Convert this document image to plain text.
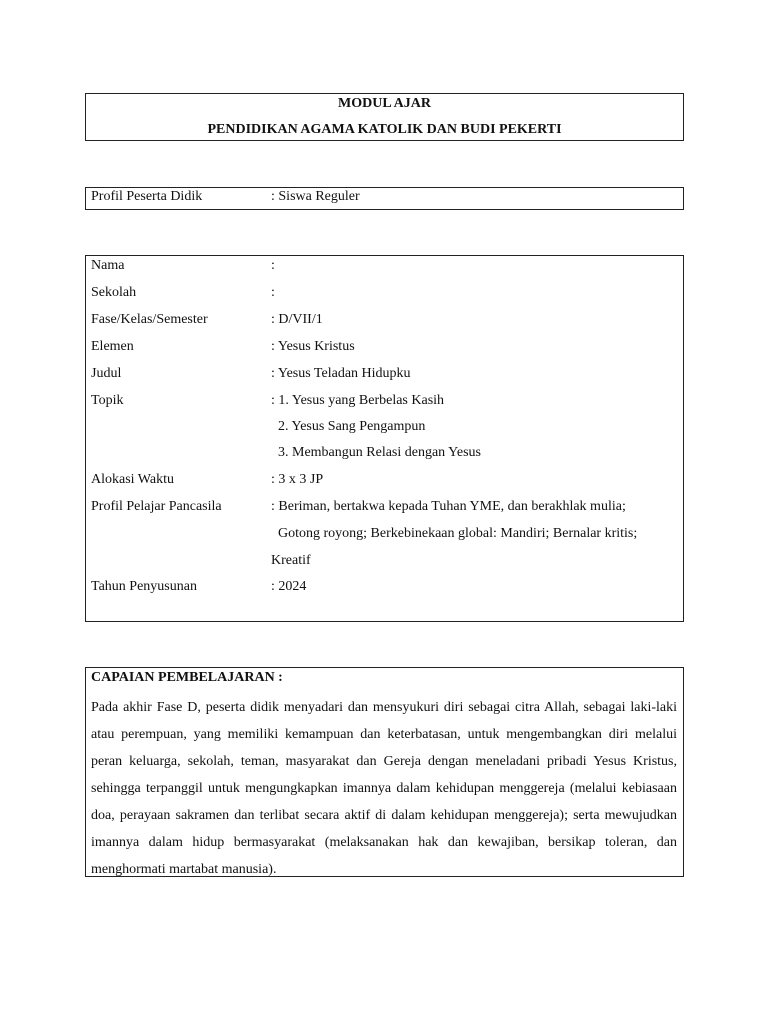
MODUL AJAR
PENDIDIKAN AGAMA KATOLIK DAN BUDI PEKERTI
Profil Peserta Didik	: Siswa Reguler
Nama	:
Sekolah	:
Fase/Kelas/Semester	: D/VII/1
Elemen	: Yesus Kristus
Judul	: Yesus Teladan Hidupku
Topik	: 1. Yesus yang Berbelas Kasih
2. Yesus Sang Pengampun
3. Membangun Relasi dengan Yesus
Alokasi Waktu	: 3 x 3 JP
Profil Pelajar Pancasila	: Beriman, bertakwa kepada Tuhan YME, dan berakhlak mulia;
Gotong royong; Berkebinekaan global: Mandiri; Bernalar kritis;
Kreatif
Tahun Penyusunan	: 2024
CAPAIAN PEMBELAJARAN :
Pada akhir Fase D, peserta didik menyadari dan mensyukuri diri sebagai citra Allah, sebagai laki-laki atau perempuan, yang memiliki kemampuan dan keterbatasan, untuk mengembangkan diri melalui peran keluarga, sekolah, teman, masyarakat dan Gereja dengan meneladani pribadi Yesus Kristus, sehingga terpanggil untuk mengungkapkan imannya dalam kehidupan menggereja (melalui kebiasaan doa, perayaan sakramen dan terlibat secara aktif di dalam kehidupan menggereja); serta mewujudkan imannya dalam hidup bermasyarakat (melaksanakan hak dan kewajiban, bersikap toleran, dan menghormati martabat manusia).
